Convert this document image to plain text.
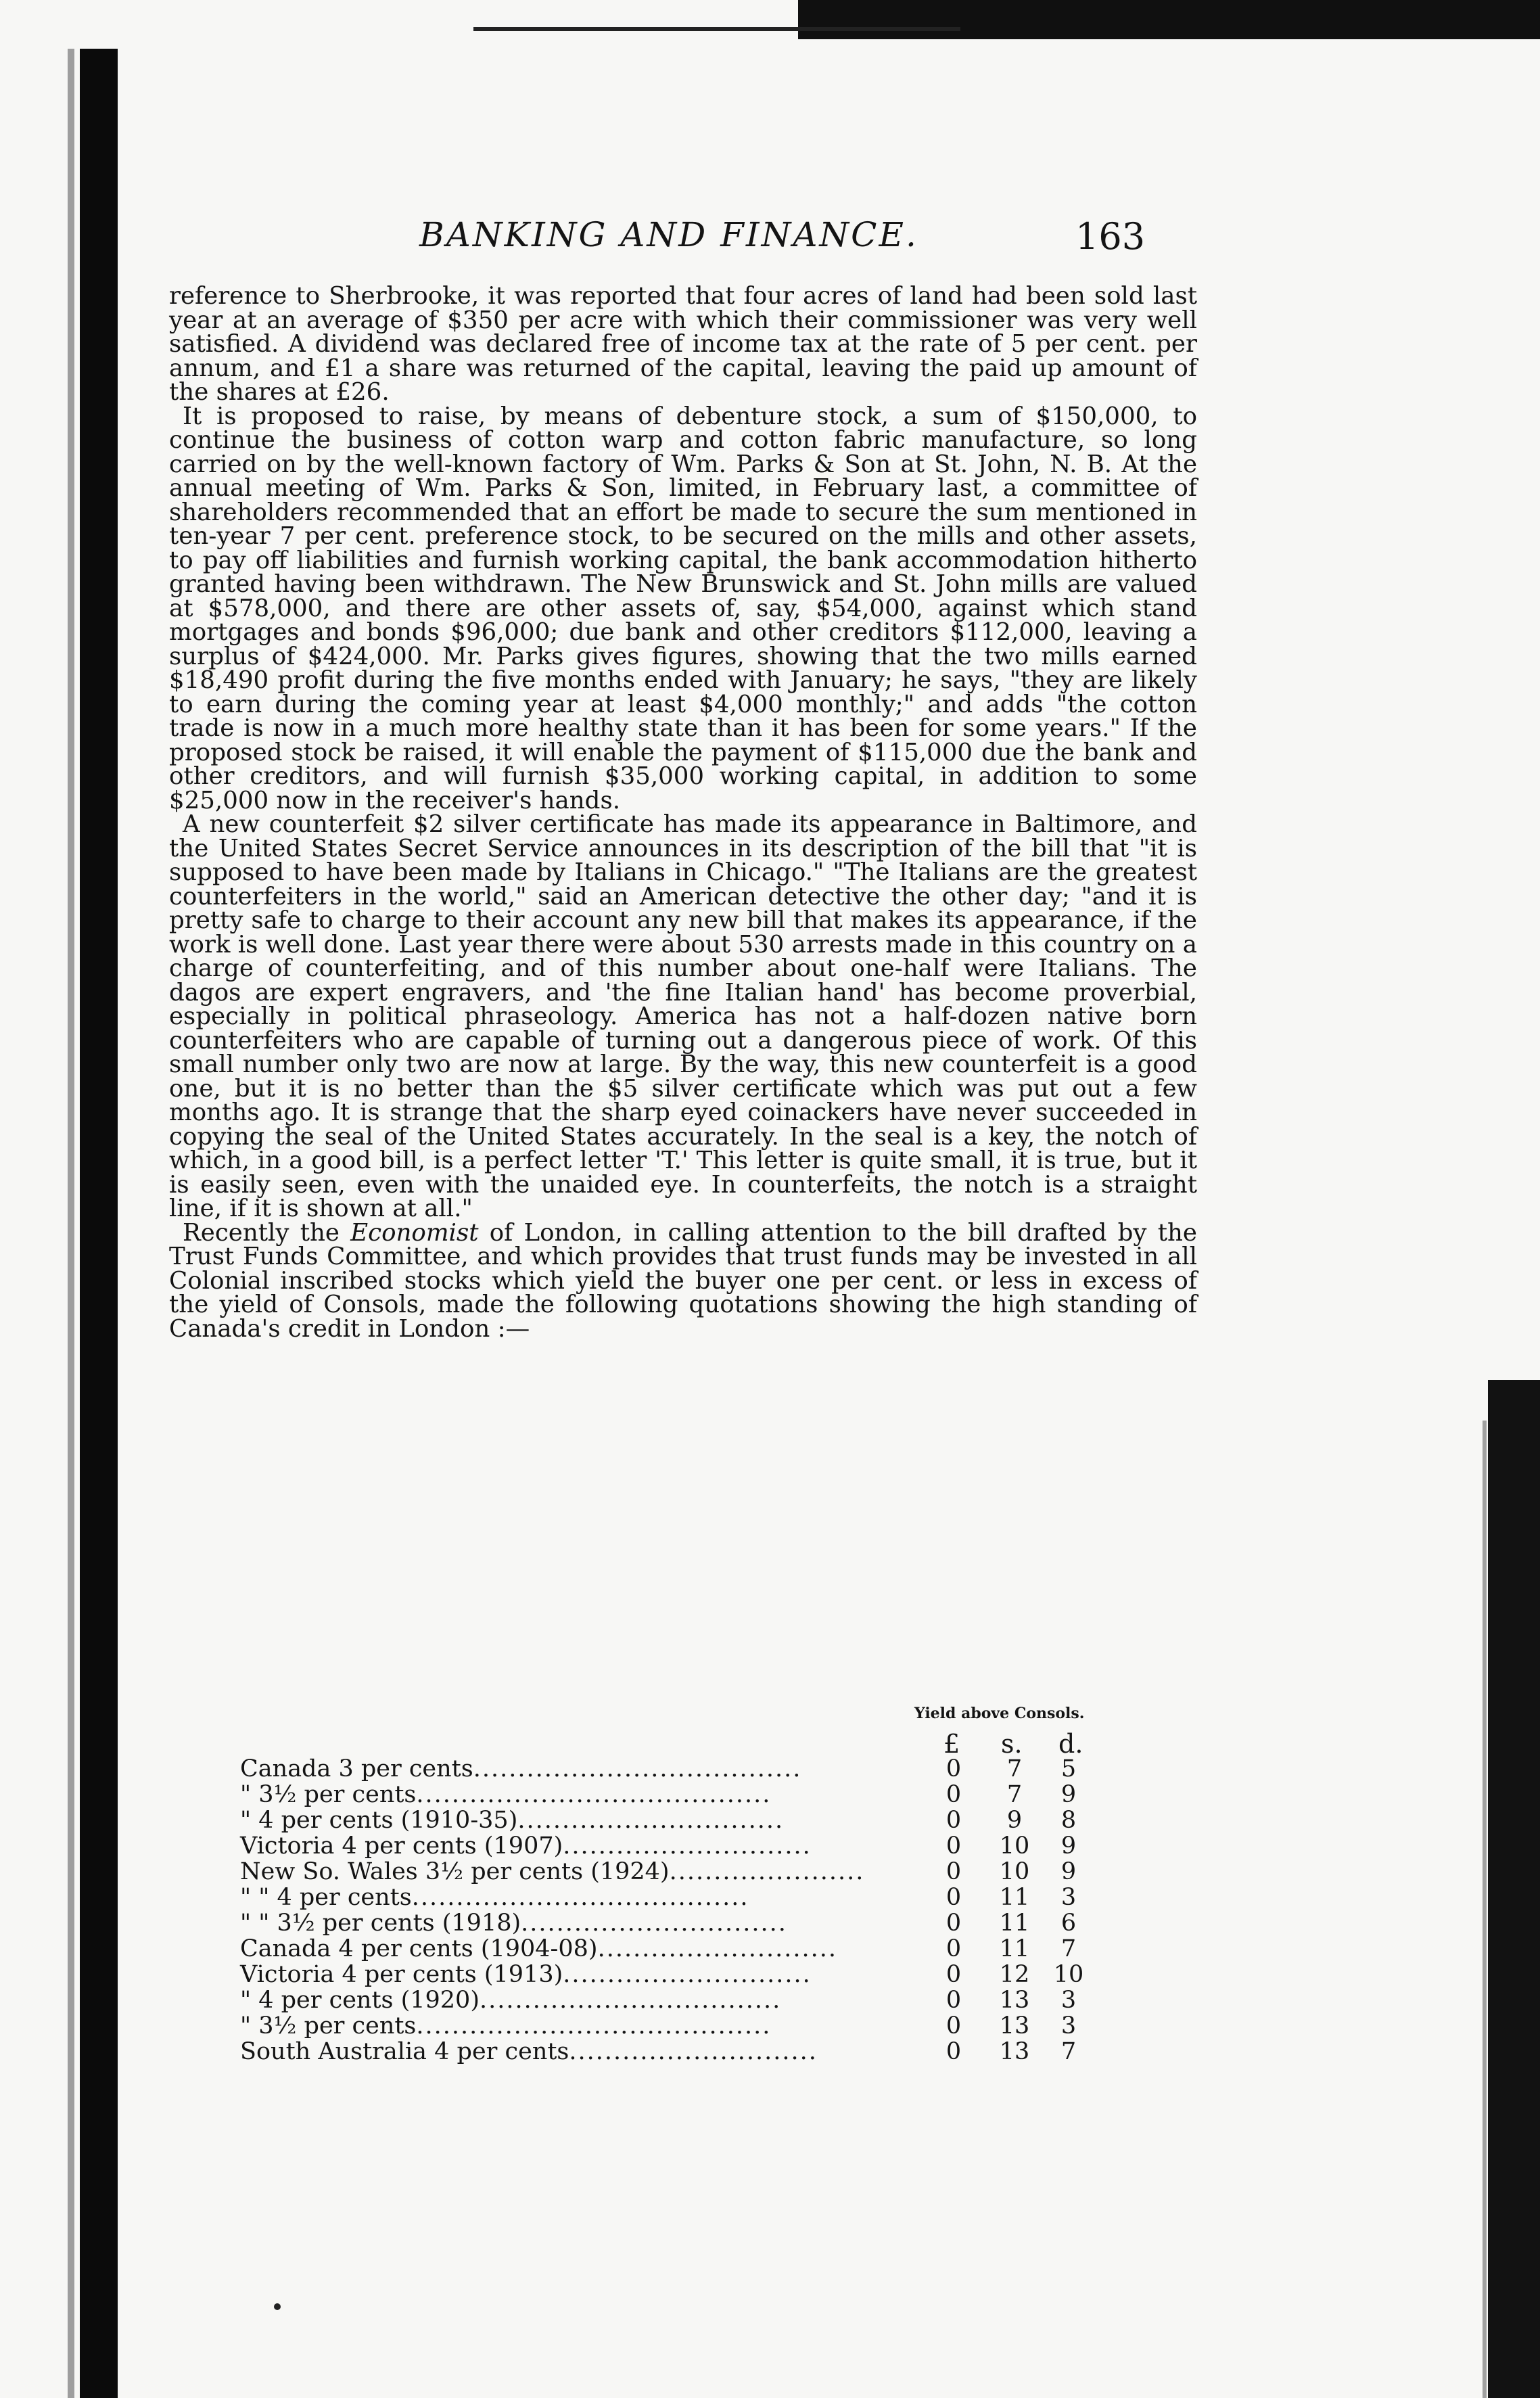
BANKING AND FINANCE.	163

reference to Sherbrooke, it was reported that four acres of land had been sold last year at an average of $350 per acre with which their commissioner was very well satisfied. A dividend was declared free of income tax at the rate of 5 per cent. per annum, and £1 a share was returned of the capital, leaving the paid up amount of the shares at £26.

It is proposed to raise, by means of debenture stock, a sum of $150,000, to continue the business of cotton warp and cotton fabric manufacture, so long carried on by the well-known factory of Wm. Parks & Son at St. John, N. B. At the annual meeting of Wm. Parks & Son, limited, in February last, a committee of shareholders recommended that an effort be made to secure the sum mentioned in ten-year 7 per cent. preference stock, to be secured on the mills and other assets, to pay off liabilities and furnish working capital, the bank accommodation hitherto granted having been withdrawn. The New Brunswick and St. John mills are valued at $578,000, and there are other assets of, say, $54,000, against which stand mortgages and bonds $96,000; due bank and other creditors $112,000, leaving a surplus of $424,000. Mr. Parks gives figures, showing that the two mills earned $18,490 profit during the five months ended with January; he says, "they are likely to earn during the coming year at least $4,000 monthly;" and adds "the cotton trade is now in a much more healthy state than it has been for some years." If the proposed stock be raised, it will enable the payment of $115,000 due the bank and other creditors, and will furnish $35,000 working capital, in addition to some $25,000 now in the receiver's hands.

A new counterfeit $2 silver certificate has made its appearance in Baltimore, and the United States Secret Service announces in its description of the bill that "it is supposed to have been made by Italians in Chicago." "The Italians are the greatest counterfeiters in the world," said an American detective the other day; "and it is pretty safe to charge to their account any new bill that makes its appearance, if the work is well done. Last year there were about 530 arrests made in this country on a charge of counterfeiting, and of this number about one-half were Italians. The dagos are expert engravers, and 'the fine Italian hand' has become proverbial, especially in political phraseology. America has not a half-dozen native born counterfeiters who are capable of turning out a dangerous piece of work. Of this small number only two are now at large. By the way, this new counterfeit is a good one, but it is no better than the $5 silver certificate which was put out a few months ago. It is strange that the sharp eyed coinackers have never succeeded in copying the seal of the United States accurately. In the seal is a key, the notch of which, in a good bill, is a perfect letter 'T.' This letter is quite small, it is true, but it is easily seen, even with the unaided eye. In counterfeits, the notch is a straight line, if it is shown at all."

Recently the Economist of London, in calling attention to the bill drafted by the Trust Funds Committee, and which provides that trust funds may be invested in all Colonial inscribed stocks which yield the buyer one per cent. or less in excess of the yield of Consols, made the following quotations showing the high standing of Canada's credit in London :—

Yield above Consols.
£ s. d.
Canada 3 per cents.....................................	0	7	5
" 3½ per cents........................................	0	7	9
" 4 per cents (1910-35)..............................	0	9	8
Victoria 4 per cents (1907)............................	0	10	9
New So. Wales 3½ per cents (1924)......................	0	10	9
" " 4 per cents......................................	0	11	3
" " 3½ per cents (1918)..............................	0	11	6
Canada 4 per cents (1904-08)...........................	0	11	7
Victoria 4 per cents (1913)............................	0	12 10
" 4 per cents (1920)..................................	0	13	3
" 3½ per cents........................................	0	13	3
South Australia 4 per cents............................	0	13	7
